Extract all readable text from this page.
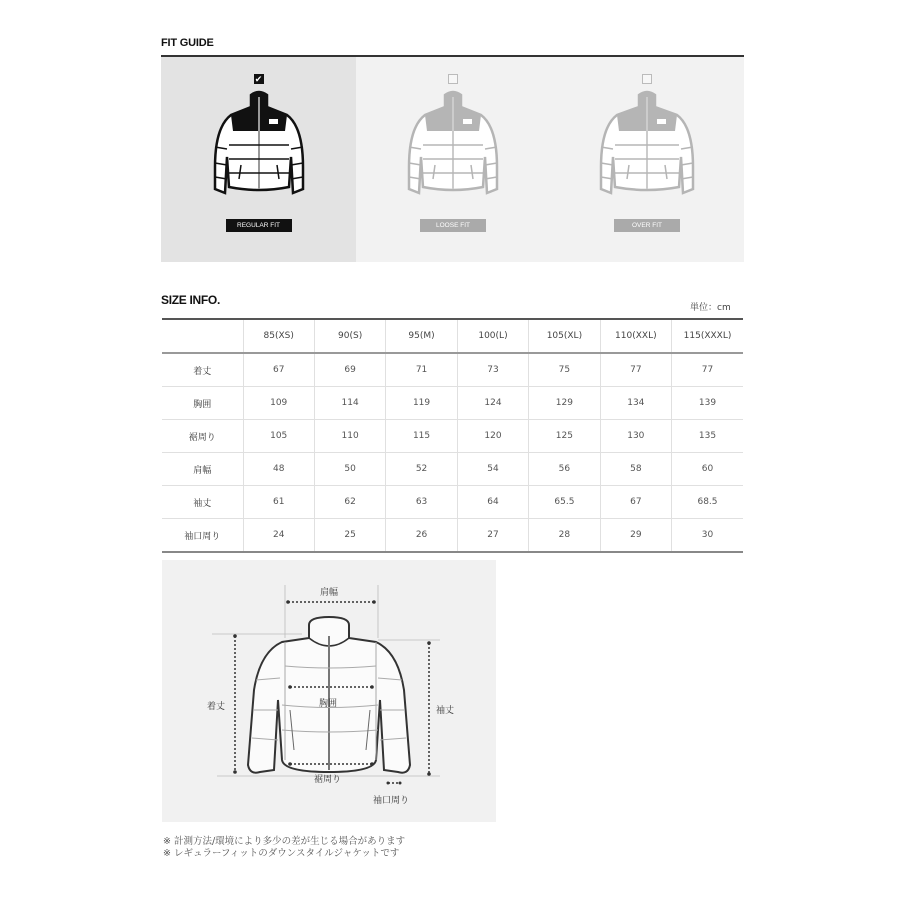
FIT GUIDE
✔
REGULAR FIT	LOOSE FIT	OVER FIT
SIZE INFO.
単位：cm
	85(XS)	90(S)	95(M)	100(L)	105(XL)	110(XXL)	115(XXXL)
着丈	67	69	71	73	75	77	77
胸囲	109	114	119	124	129	134	139
裾周り	105	110	115	120	125	130	135
肩幅	48	50	52	54	56	58	60
袖丈	61	62	63	64	65.5	67	68.5
袖口周り	24	25	26	27	28	29	30
肩幅
着丈	胸囲
袖丈
裾周り
袖口周り
※ 計測方法/環境により多少の差が生じる場合があります
※ レギュラーフィットのダウンスタイルジャケットです
